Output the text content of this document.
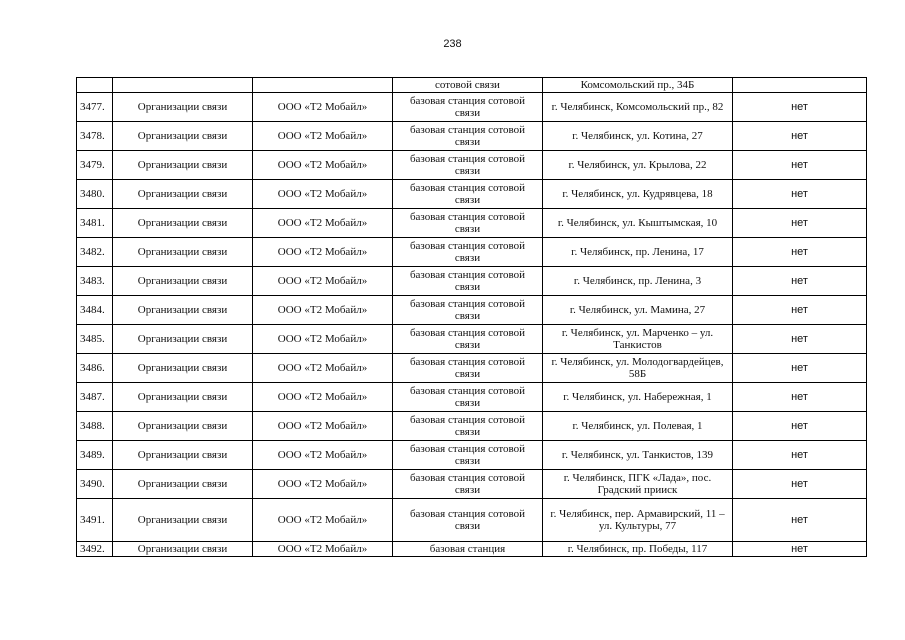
238
			сотовой связи	Комсомольский пр., 34Б	
3477.	Организации связи	ООО «Т2 Мобайл»	базовая станция сотовой связи	г. Челябинск, Комсомольский пр., 82	нет
3478.	Организации связи	ООО «Т2 Мобайл»	базовая станция сотовой связи	г. Челябинск, ул. Котина, 27	нет
3479.	Организации связи	ООО «Т2 Мобайл»	базовая станция сотовой связи	г. Челябинск, ул. Крылова, 22	нет
3480.	Организации связи	ООО «Т2 Мобайл»	базовая станция сотовой связи	г. Челябинск, ул. Кудрявцева, 18	нет
3481.	Организации связи	ООО «Т2 Мобайл»	базовая станция сотовой связи	г. Челябинск, ул. Кыштымская, 10	нет
3482.	Организации связи	ООО «Т2 Мобайл»	базовая станция сотовой связи	г. Челябинск, пр. Ленина, 17	нет
3483.	Организации связи	ООО «Т2 Мобайл»	базовая станция сотовой связи	г. Челябинск, пр. Ленина, 3	нет
3484.	Организации связи	ООО «Т2 Мобайл»	базовая станция сотовой связи	г. Челябинск, ул. Мамина, 27	нет
3485.	Организации связи	ООО «Т2 Мобайл»	базовая станция сотовой связи	г. Челябинск, ул. Марченко – ул. Танкистов	нет
3486.	Организации связи	ООО «Т2 Мобайл»	базовая станция сотовой связи	г. Челябинск, ул. Молодогвардейцев, 58Б	нет
3487.	Организации связи	ООО «Т2 Мобайл»	базовая станция сотовой связи	г. Челябинск, ул. Набережная, 1	нет
3488.	Организации связи	ООО «Т2 Мобайл»	базовая станция сотовой связи	г. Челябинск, ул. Полевая, 1	нет
3489.	Организации связи	ООО «Т2 Мобайл»	базовая станция сотовой связи	г. Челябинск, ул. Танкистов, 139	нет
3490.	Организации связи	ООО «Т2 Мобайл»	базовая станция сотовой связи	г. Челябинск, ПГК «Лада», пос. Градский прииск	нет
3491.	Организации связи	ООО «Т2 Мобайл»	базовая станция сотовой связи	г. Челябинск, пер. Армавирский, 11 – ул. Культуры, 77	нет
3492.	Организации связи	ООО «Т2 Мобайл»	базовая станция	г. Челябинск, пр. Победы, 117	нет
